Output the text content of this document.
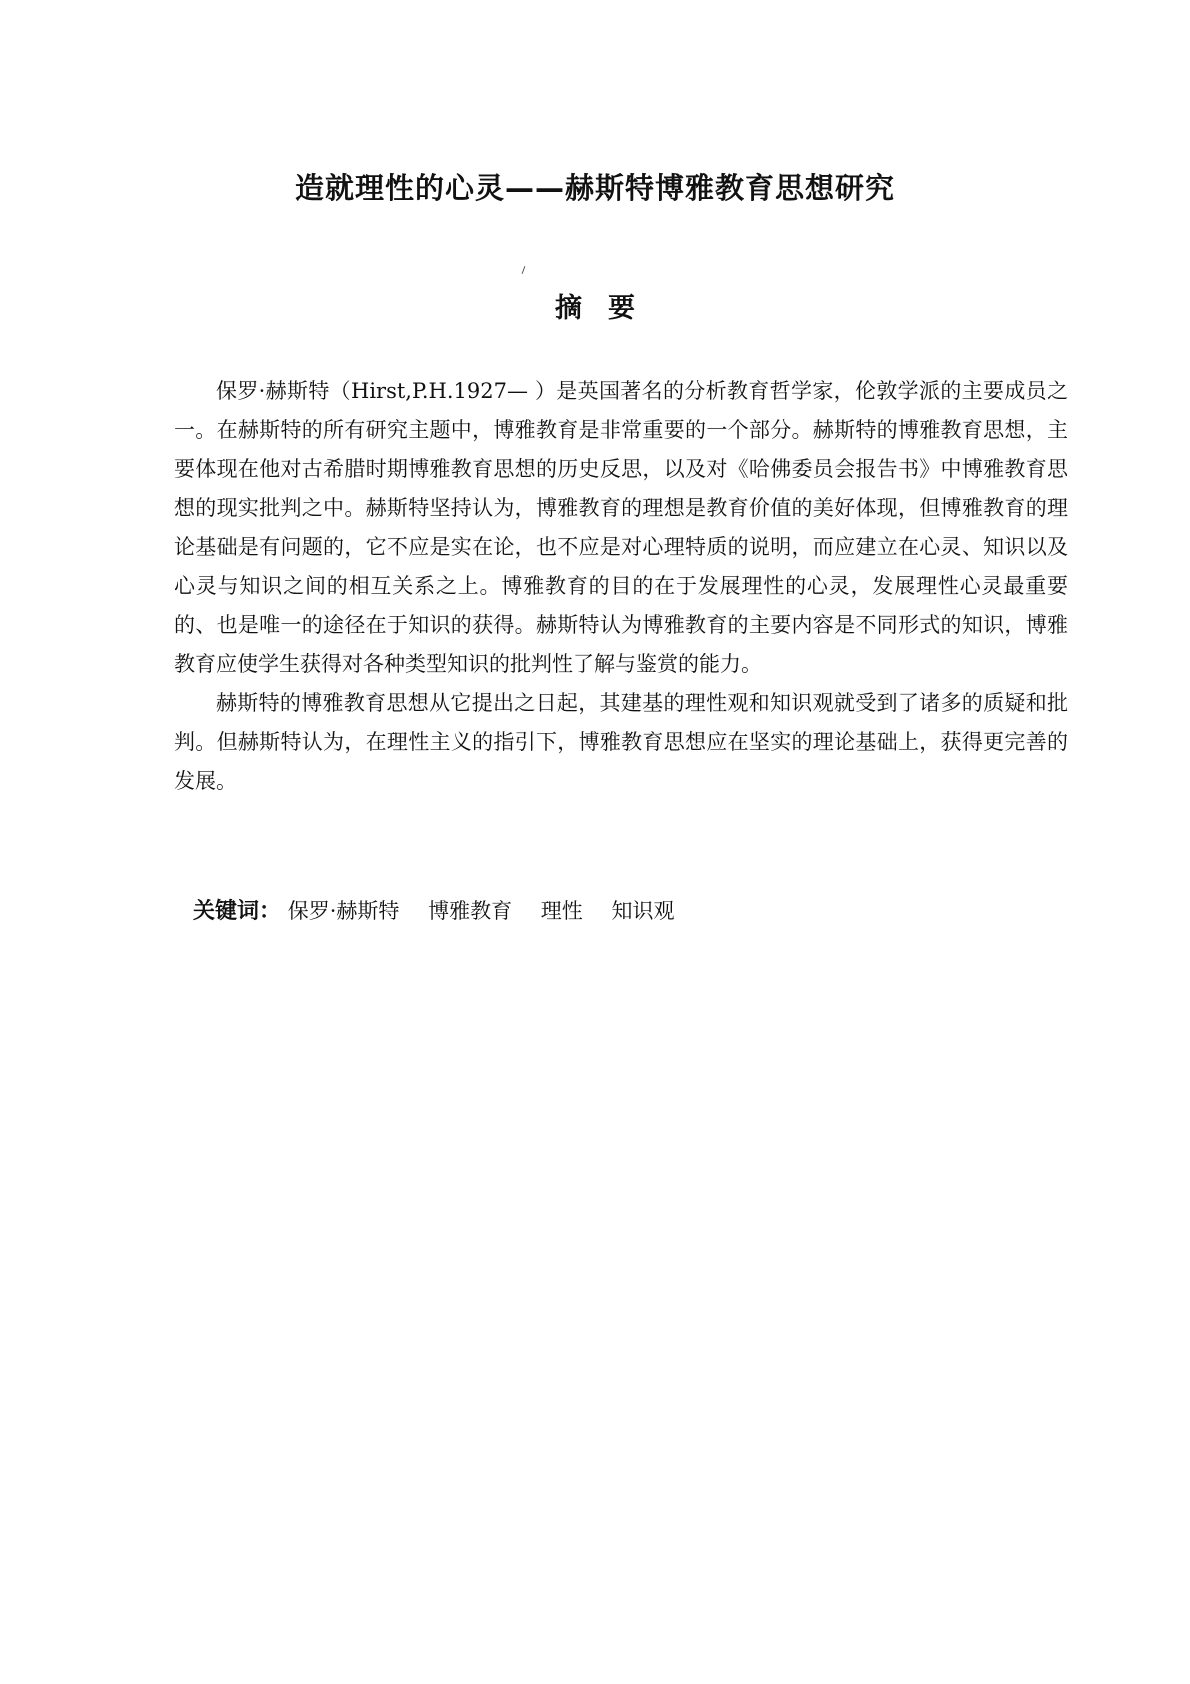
造就理性的心灵——赫斯特博雅教育思想研究
摘要

保罗·赫斯特（Hirst,P.H.1927— ）是英国著名的分析教育哲学家，伦敦学派的主要成员之一。在赫斯特的所有研究主题中，博雅教育是非常重要的一个部分。赫斯特的博雅教育思想，主要体现在他对古希腊时期博雅教育思想的历史反思，以及对《哈佛委员会报告书》中博雅教育思想的现实批判之中。赫斯特坚持认为，博雅教育的理想是教育价值的美好体现，但博雅教育的理论基础是有问题的，它不应是实在论，也不应是对心理特质的说明，而应建立在心灵、知识以及心灵与知识之间的相互关系之上。博雅教育的目的在于发展理性的心灵，发展理性心灵最重要的、也是唯一的途径在于知识的获得。赫斯特认为博雅教育的主要内容是不同形式的知识，博雅教育应使学生获得对各种类型知识的批判性了解与鉴赏的能力。

赫斯特的博雅教育思想从它提出之日起，其建基的理性观和知识观就受到了诸多的质疑和批判。但赫斯特认为，在理性主义的指引下，博雅教育思想应在坚实的理论基础上，获得更完善的发展。

关键词： 保罗·赫斯特 博雅教育 理性 知识观
